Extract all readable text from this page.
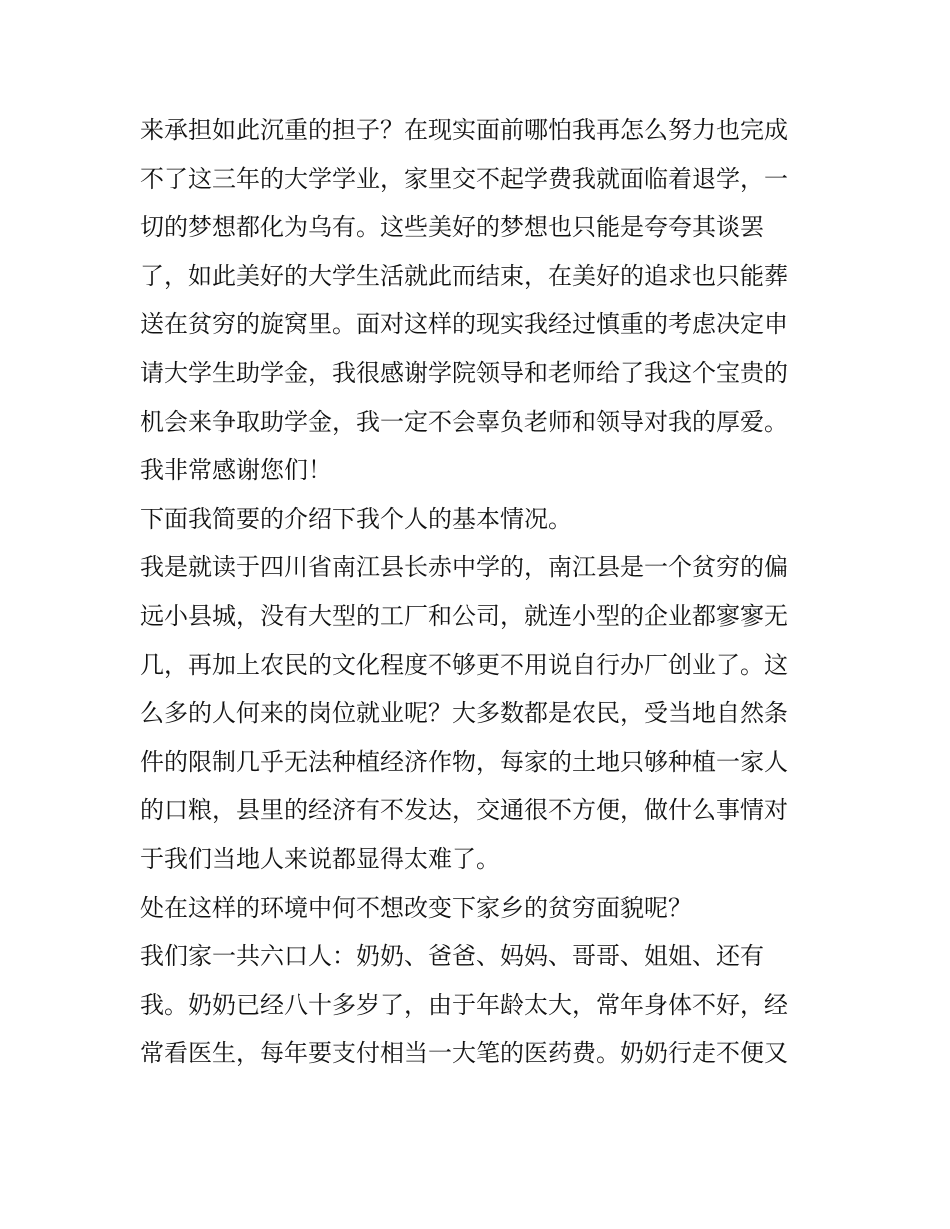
来承担如此沉重的担子？在现实面前哪怕我再怎么努力也完成
不了这三年的大学学业，家里交不起学费我就面临着退学，一
切的梦想都化为乌有。这些美好的梦想也只能是夸夸其谈罢
了，如此美好的大学生活就此而结束，在美好的追求也只能葬
送在贫穷的旋窝里。面对这样的现实我经过慎重的考虑决定申
请大学生助学金，我很感谢学院领导和老师给了我这个宝贵的
机会来争取助学金，我一定不会辜负老师和领导对我的厚爱。
我非常感谢您们！
下面我简要的介绍下我个人的基本情况。
我是就读于四川省南江县长赤中学的，南江县是一个贫穷的偏
远小县城，没有大型的工厂和公司，就连小型的企业都寥寥无
几，再加上农民的文化程度不够更不用说自行办厂创业了。这
么多的人何来的岗位就业呢？大多数都是农民，受当地自然条
件的限制几乎无法种植经济作物，每家的土地只够种植一家人
的口粮，县里的经济有不发达，交通很不方便，做什么事情对
于我们当地人来说都显得太难了。
处在这样的环境中何不想改变下家乡的贫穷面貌呢？
我们家一共六口人：奶奶、爸爸、妈妈、哥哥、姐姐、还有
我。奶奶已经八十多岁了，由于年龄太大，常年身体不好，经
常看医生，每年要支付相当一大笔的医药费。奶奶行走不便又
